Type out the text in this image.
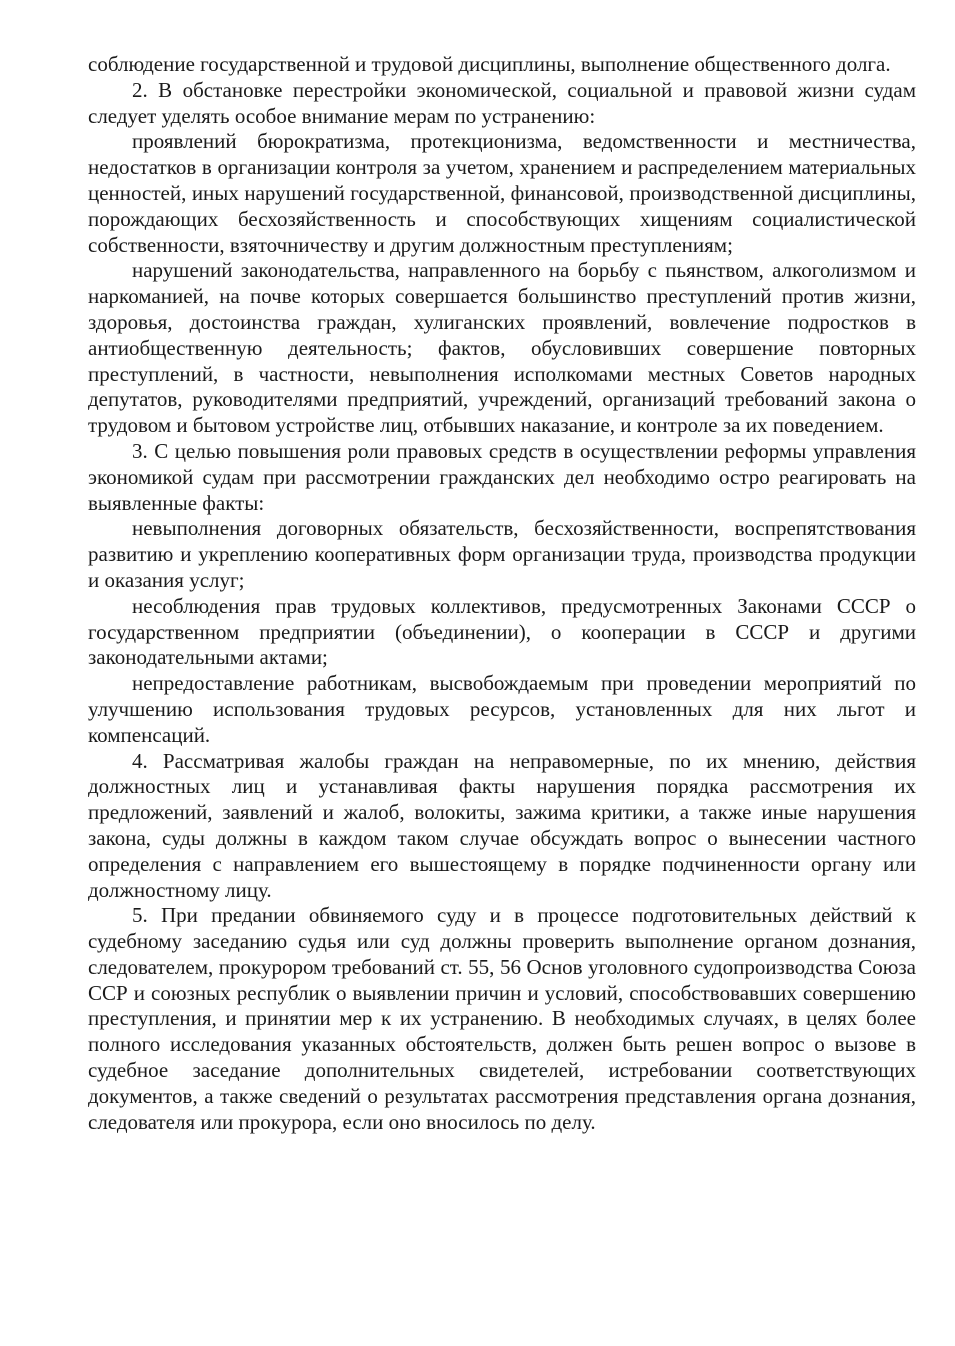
соблюдение государственной и трудовой дисциплины, выполнение общественного долга.

2. В обстановке перестройки экономической, социальной и правовой жизни судам следует уделять особое внимание мерам по устранению:

проявлений бюрократизма, протекционизма, ведомственности и местничества, недостатков в организации контроля за учетом, хранением и распределением материальных ценностей, иных нарушений государственной, финансовой, производственной дисциплины, порождающих бесхозяйственность и способствующих хищениям социалистической собственности, взяточничеству и другим должностным преступлениям;

нарушений законодательства, направленного на борьбу с пьянством, алкоголизмом и наркоманией, на почве которых совершается большинство преступлений против жизни, здоровья, достоинства граждан, хулиганских проявлений, вовлечение подростков в антиобщественную деятельность; фактов, обусловивших совершение повторных преступлений, в частности, невыполнения исполкомами местных Советов народных депутатов, руководителями предприятий, учреждений, организаций требований закона о трудовом и бытовом устройстве лиц, отбывших наказание, и контроле за их поведением.

3. С целью повышения роли правовых средств в осуществлении реформы управления экономикой судам при рассмотрении гражданских дел необходимо остро реагировать на выявленные факты:

невыполнения договорных обязательств, бесхозяйственности, воспрепятствования развитию и укреплению кооперативных форм организации труда, производства продукции и оказания услуг;

несоблюдения прав трудовых коллективов, предусмотренных Законами СССР о государственном предприятии (объединении), о кооперации в СССР и другими законодательными актами;

непредоставление работникам, высвобождаемым при проведении мероприятий по улучшению использования трудовых ресурсов, установленных для них льгот и компенсаций.

4. Рассматривая жалобы граждан на неправомерные, по их мнению, действия должностных лиц и устанавливая факты нарушения порядка рассмотрения их предложений, заявлений и жалоб, волокиты, зажима критики, а также иные нарушения закона, суды должны в каждом таком случае обсуждать вопрос о вынесении частного определения с направлением его вышестоящему в порядке подчиненности органу или должностному лицу.

5. При предании обвиняемого суду и в процессе подготовительных действий к судебному заседанию судья или суд должны проверить выполнение органом дознания, следователем, прокурором требований ст. 55, 56 Основ уголовного судопроизводства Союза ССР и союзных республик о выявлении причин и условий, способствовавших совершению преступления, и принятии мер к их устранению. В необходимых случаях, в целях более полного исследования указанных обстоятельств, должен быть решен вопрос о вызове в судебное заседание дополнительных свидетелей, истребовании соответствующих документов, а также сведений о результатах рассмотрения представления органа дознания, следователя или прокурора, если оно вносилось по делу.
